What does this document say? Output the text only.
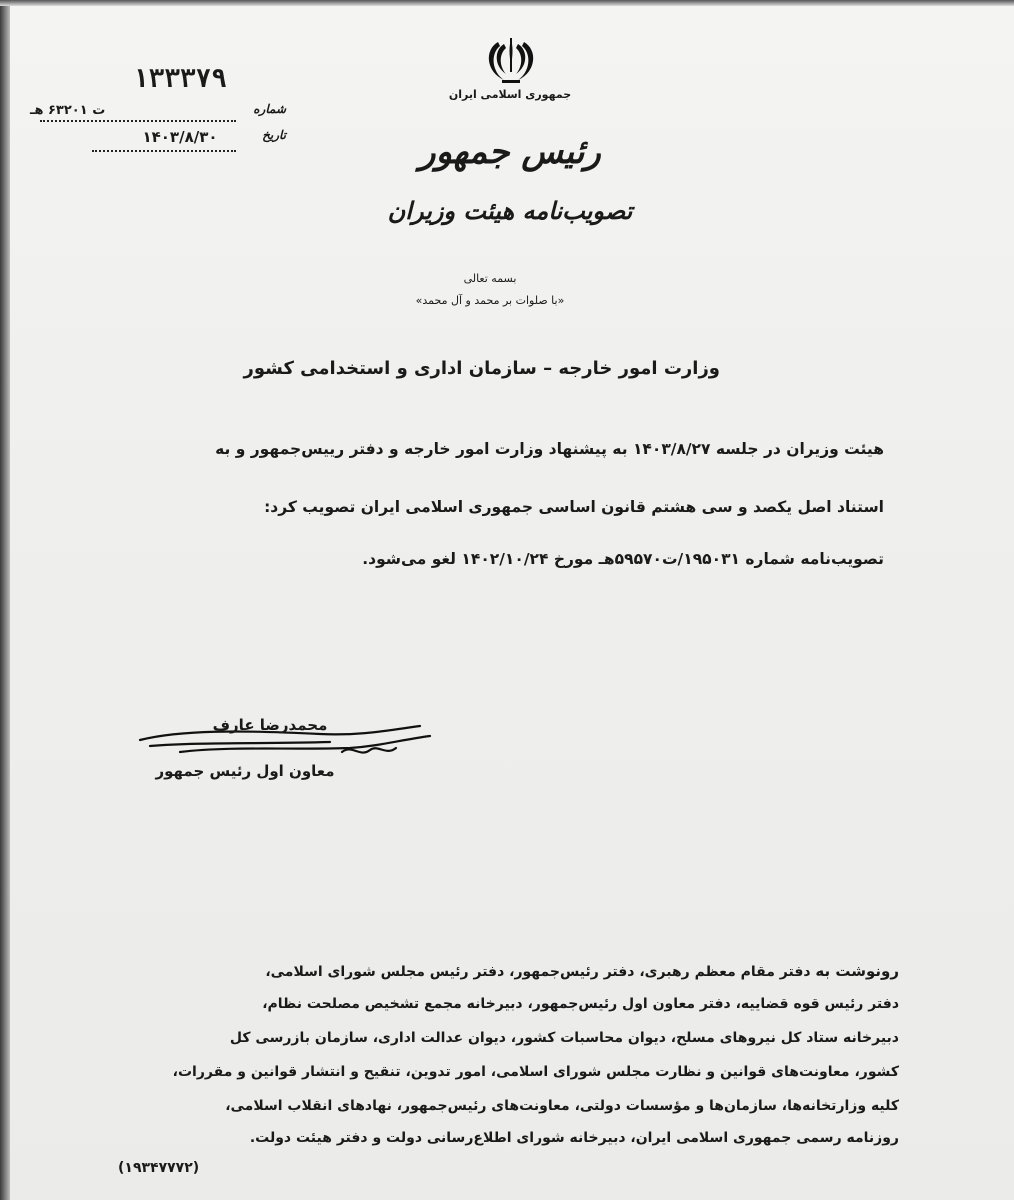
جمهوری اسلامی ایران
رئیس جمهور
تصویب‌نامه هیئت وزیران
بسمه تعالی
«با صلوات بر محمد و آل محمد»
۱۳۳۳۷۹
شماره
ت ۶۳۲۰۱ هـ
تاریخ
۱۴۰۳/۸/۳۰
وزارت امور خارجه – سازمان اداری و استخدامی کشور
هیئت وزیران در جلسه ۱۴۰۳/۸/۲۷ به پیشنهاد وزارت امور خارجه و دفتر رییس‌جمهور و به
استناد اصل یکصد و سی هشتم قانون اساسی جمهوری اسلامی ایران تصویب کرد:
تصویب‌نامه شماره ۱۹۵۰۳۱/ت۵۹۵۷۰هـ مورخ ۱۴۰۲/۱۰/۲۴ لغو می‌شود.
محمدرضا عارف
معاون اول رئیس جمهور
رونوشت به دفتر مقام معظم رهبری، دفتر رئیس‌جمهور، دفتر رئیس مجلس شورای اسلامی،
دفتر رئیس قوه قضاییه، دفتر معاون اول رئیس‌جمهور، دبیرخانه مجمع تشخیص مصلحت نظام،
دبیرخانه ستاد کل نیروهای مسلح، دیوان محاسبات کشور، دیوان عدالت اداری، سازمان بازرسی کل
کشور، معاونت‌های قوانین و نظارت مجلس شورای اسلامی، امور تدوین، تنقیح و انتشار قوانین و مقررات،
کلیه وزارتخانه‌ها، سازمان‌ها و مؤسسات دولتی، معاونت‌های رئیس‌جمهور، نهادهای انقلاب اسلامی،
روزنامه رسمی جمهوری اسلامی ایران، دبیرخانه شورای اطلاع‌رسانی دولت و دفتر هیئت دولت.
(۱۹۳۴۷۷۷۲)
